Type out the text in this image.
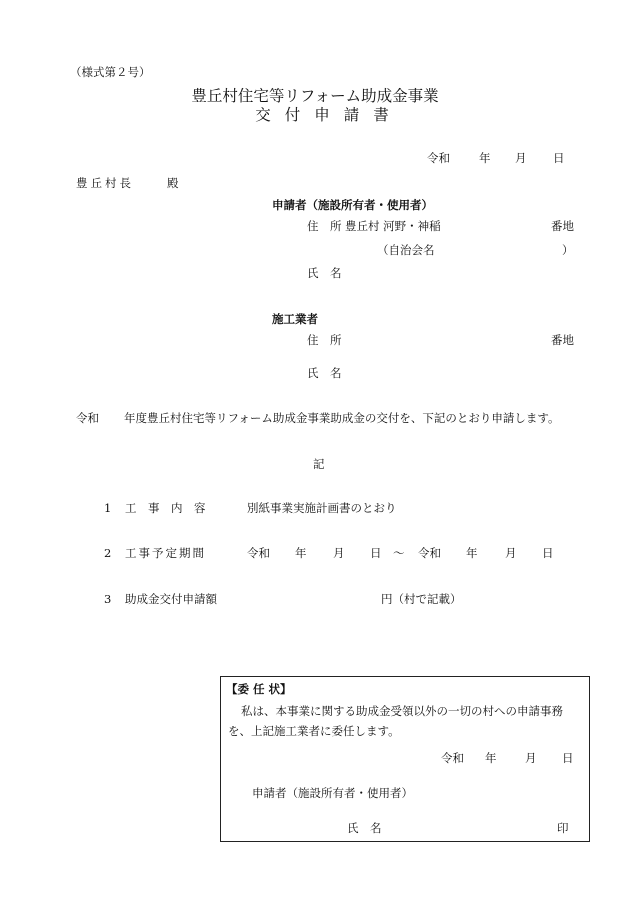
（様式第２号）
豊丘村住宅等リフォーム助成金事業
交付申請書
令和	年 月 日
豊丘村長	殿
申請者（施設所有者・使用者）
住　所 豊丘村 河野・神稲	番地
（自治会名	）
氏　名
施工業者
住　所	番地
氏　名
令和 年度豊丘村住宅等リフォーム助成金事業助成金の交付を、下記のとおり申請します。
記
1 工　事　内　容	別紙事業実施計画書のとおり
2 工事予定期間	令和 年 月 日 ～ 令和 年 月 日
3 助成金交付申請額	円（村で記載）
【委 任 状】
私は、本事業に関する助成金受領以外の一切の村への申請事務
を、上記施工業者に委任します。
令和 年 月 日
申請者（施設所有者・使用者）
氏　名	印
